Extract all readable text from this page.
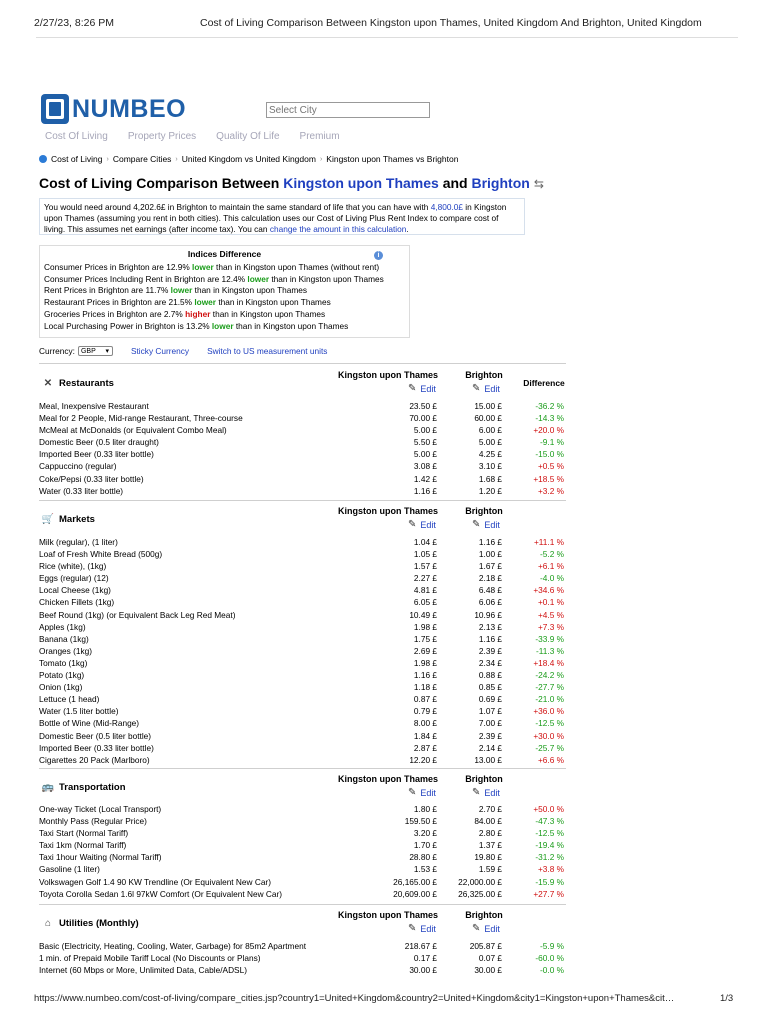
2/27/23, 8:26 PM	Cost of Living Comparison Between Kingston upon Thames, United Kingdom And Brighton, United Kingdom
NUMBEO
Select City
Cost Of Living Property Prices Quality Of Life Premium
Cost of Living › Compare Cities › United Kingdom vs United Kingdom › Kingston upon Thames vs Brighton
Cost of Living Comparison Between Kingston upon Thames and Brighton ⇆
You would need around 4,202.6£ in Brighton to maintain the same standard of life that you can have with 4,800.0£ in Kingston upon Thames (assuming you rent in both cities). This calculation uses our Cost of Living Plus Rent Index to compare cost of living. This assumes net earnings (after income tax). You can change the amount in this calculation.
Indices Difference	i
Consumer Prices in Brighton are 12.9% lower than in Kingston upon Thames (without rent)
Consumer Prices Including Rent in Brighton are 12.4% lower than in Kingston upon Thames
Rent Prices in Brighton are 11.7% lower than in Kingston upon Thames
Restaurant Prices in Brighton are 21.5% lower than in Kingston upon Thames
Groceries Prices in Brighton are 2.7% higher than in Kingston upon Thames
Local Purchasing Power in Brighton is 13.2% lower than in Kingston upon Thames
Currency: GBP ▾	Sticky Currency Switch to US measurement units
✕ Restaurants
Kingston upon Thames	Brighton
Difference
✎ Edit	✎ Edit
Meal, Inexpensive Restaurant	23.50 £	15.00 £	-36.2 %
Meal for 2 People, Mid-range Restaurant, Three-course	70.00 £	60.00 £	-14.3 %
McMeal at McDonalds (or Equivalent Combo Meal)	5.00 £	6.00 £	+20.0 %
Domestic Beer (0.5 liter draught)	5.50 £	5.00 £	-9.1 %
Imported Beer (0.33 liter bottle)	5.00 £	4.25 £	-15.0 %
Cappuccino (regular)	3.08 £	3.10 £	+0.5 %
Coke/Pepsi (0.33 liter bottle)	1.42 £	1.68 £	+18.5 %
Water (0.33 liter bottle)	1.16 £	1.20 £	+3.2 %
🛒 Markets
Kingston upon Thames	Brighton
✎ Edit	✎ Edit
Milk (regular), (1 liter)	1.04 £	1.16 £	+11.1 %
Loaf of Fresh White Bread (500g)	1.05 £	1.00 £	-5.2 %
Rice (white), (1kg)	1.57 £	1.67 £	+6.1 %
Eggs (regular) (12)	2.27 £	2.18 £	-4.0 %
Local Cheese (1kg)	4.81 £	6.48 £	+34.6 %
Chicken Fillets (1kg)	6.05 £	6.06 £	+0.1 %
Beef Round (1kg) (or Equivalent Back Leg Red Meat)	10.49 £	10.96 £	+4.5 %
Apples (1kg)	1.98 £	2.13 £	+7.3 %
Banana (1kg)	1.75 £	1.16 £	-33.9 %
Oranges (1kg)	2.69 £	2.39 £	-11.3 %
Tomato (1kg)	1.98 £	2.34 £	+18.4 %
Potato (1kg)	1.16 £	0.88 £	-24.2 %
Onion (1kg)	1.18 £	0.85 £	-27.7 %
Lettuce (1 head)	0.87 £	0.69 £	-21.0 %
Water (1.5 liter bottle)	0.79 £	1.07 £	+36.0 %
Bottle of Wine (Mid-Range)	8.00 £	7.00 £	-12.5 %
Domestic Beer (0.5 liter bottle)	1.84 £	2.39 £	+30.0 %
Imported Beer (0.33 liter bottle)	2.87 £	2.14 £	-25.7 %
Cigarettes 20 Pack (Marlboro)	12.20 £	13.00 £	+6.6 %
🚌 Transportation
Kingston upon Thames	Brighton
✎ Edit	✎ Edit
One-way Ticket (Local Transport)	1.80 £	2.70 £	+50.0 %
Monthly Pass (Regular Price)	159.50 £	84.00 £	-47.3 %
Taxi Start (Normal Tariff)	3.20 £	2.80 £	-12.5 %
Taxi 1km (Normal Tariff)	1.70 £	1.37 £	-19.4 %
Taxi 1hour Waiting (Normal Tariff)	28.80 £	19.80 £	-31.2 %
Gasoline (1 liter)	1.53 £	1.59 £	+3.8 %
Volkswagen Golf 1.4 90 KW Trendline (Or Equivalent New Car)	26,165.00 £	22,000.00 £	-15.9 %
Toyota Corolla Sedan 1.6l 97kW Comfort (Or Equivalent New Car)	20,609.00 £	26,325.00 £	+27.7 %
⌂ Utilities (Monthly)
Kingston upon Thames	Brighton
✎ Edit	✎ Edit
Basic (Electricity, Heating, Cooling, Water, Garbage) for 85m2 Apartment	218.67 £	205.87 £	-5.9 %
1 min. of Prepaid Mobile Tariff Local (No Discounts or Plans)	0.17 £	0.07 £	-60.0 %
Internet (60 Mbps or More, Unlimited Data, Cable/ADSL)	30.00 £	30.00 £	-0.0 %
https://www.numbeo.com/cost-of-living/compare_cities.jsp?country1=United+Kingdom&country2=United+Kingdom&city1=Kingston+upon+Thames&cit…	1/3
